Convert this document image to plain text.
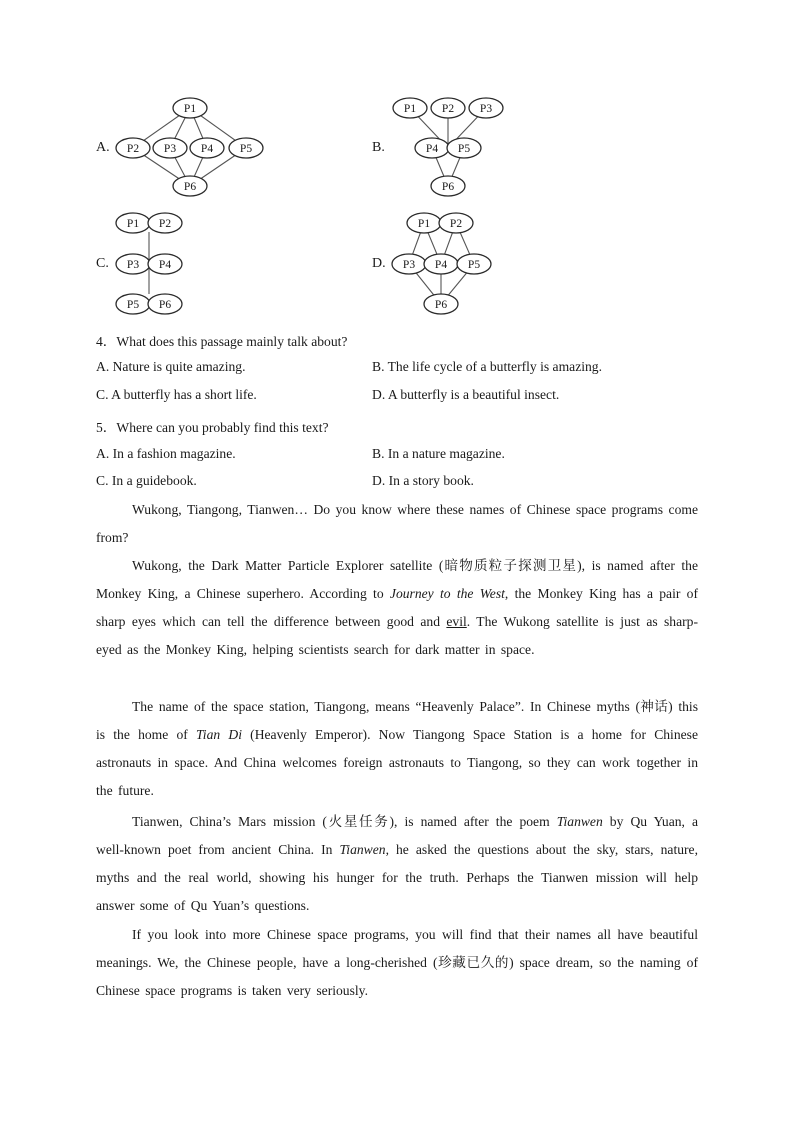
A.
P1
P2 P3 P4 P5
P6
B.
P1 P2 P3
P4 P5
P6
C.
P1 P2
P3 P4
P5 P6
D.
P1 P2
P3 P4 P5
P6
4．What does this passage mainly talk about?
A. Nature is quite amazing.	B. The life cycle of a butterfly is amazing.
C. A butterfly has a short life.	D. A butterfly is a beautiful insect.
5．Where can you probably find this text?
A. In a fashion magazine.	B. In a nature magazine.
C. In a guidebook.	D. In a story book.
Wukong, Tiangong, Tianwen… Do you know where these names of Chinese space programs come from?
Wukong, the Dark Matter Particle Explorer satellite (暗物质粒子探测卫星), is named after the Monkey King, a Chinese superhero. According to Journey to the West, the Monkey King has a pair of sharp eyes which can tell the difference between good and evil. The Wukong satellite is just as sharp-eyed as the Monkey King, helping scientists search for dark matter in space.
The name of the space station, Tiangong, means “Heavenly Palace”. In Chinese myths (神话) this is the home of Tian Di (Heavenly Emperor). Now Tiangong Space Station is a home for Chinese astronauts in space. And China welcomes foreign astronauts to Tiangong, so they can work together in the future.
Tianwen, China’s Mars mission (火星任务), is named after the poem Tianwen by Qu Yuan, a well-known poet from ancient China. In Tianwen, he asked the questions about the sky, stars, nature, myths and the real world, showing his hunger for the truth. Perhaps the Tianwen mission will help answer some of Qu Yuan’s questions.
If you look into more Chinese space programs, you will find that their names all have beautiful meanings. We, the Chinese people, have a long-cherished (珍藏已久的) space dream, so the naming of Chinese space programs is taken very seriously.
